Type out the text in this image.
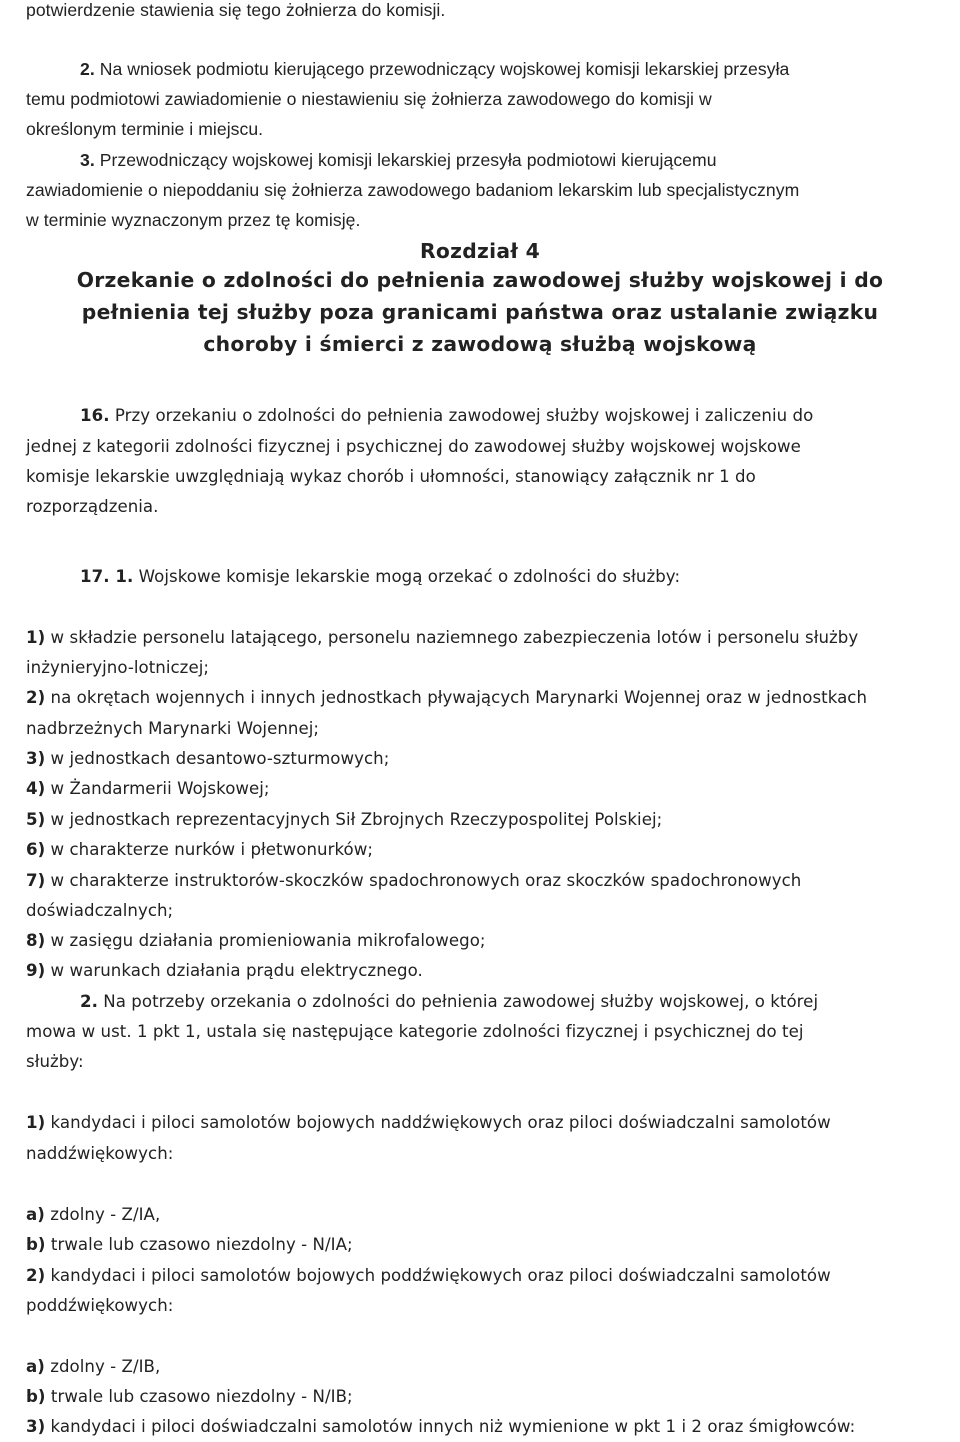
potwierdzenie stawienia się tego żołnierza do komisji.
2. Na wniosek podmiotu kierującego przewodniczący wojskowej komisji lekarskiej przesyła
temu podmiotowi zawiadomienie o niestawieniu się żołnierza zawodowego do komisji w
określonym terminie i miejscu.
3. Przewodniczący wojskowej komisji lekarskiej przesyła podmiotowi kierującemu
zawiadomienie o niepoddaniu się żołnierza zawodowego badaniom lekarskim lub specjalistycznym
w terminie wyznaczonym przez tę komisję.
Rozdział 4
Orzekanie o zdolności do pełnienia zawodowej służby wojskowej i do
pełnienia tej służby poza granicami państwa oraz ustalanie związku
choroby i śmierci z zawodową służbą wojskową
16. Przy orzekaniu o zdolności do pełnienia zawodowej służby wojskowej i zaliczeniu do
jednej z kategorii zdolności fizycznej i psychicznej do zawodowej służby wojskowej wojskowe
komisje lekarskie uwzględniają wykaz chorób i ułomności, stanowiący załącznik nr 1 do
rozporządzenia.
17. 1. Wojskowe komisje lekarskie mogą orzekać o zdolności do służby:
1) w składzie personelu latającego, personelu naziemnego zabezpieczenia lotów i personelu służby
inżynieryjno-lotniczej;
2) na okrętach wojennych i innych jednostkach pływających Marynarki Wojennej oraz w jednostkach
nadbrzeżnych Marynarki Wojennej;
3) w jednostkach desantowo-szturmowych;
4) w Żandarmerii Wojskowej;
5) w jednostkach reprezentacyjnych Sił Zbrojnych Rzeczypospolitej Polskiej;
6) w charakterze nurków i płetwonurków;
7) w charakterze instruktorów-skoczków spadochronowych oraz skoczków spadochronowych
doświadczalnych;
8) w zasięgu działania promieniowania mikrofalowego;
9) w warunkach działania prądu elektrycznego.
2. Na potrzeby orzekania o zdolności do pełnienia zawodowej służby wojskowej, o której
mowa w ust. 1 pkt 1, ustala się następujące kategorie zdolności fizycznej i psychicznej do tej
służby:
1) kandydaci i piloci samolotów bojowych naddźwiękowych oraz piloci doświadczalni samolotów
naddźwiękowych:
a) zdolny - Z/IA,
b) trwale lub czasowo niezdolny - N/IA;
2) kandydaci i piloci samolotów bojowych poddźwiękowych oraz piloci doświadczalni samolotów
poddźwiękowych:
a) zdolny - Z/IB,
b) trwale lub czasowo niezdolny - N/IB;
3) kandydaci i piloci doświadczalni samolotów innych niż wymienione w pkt 1 i 2 oraz śmigłowców:
